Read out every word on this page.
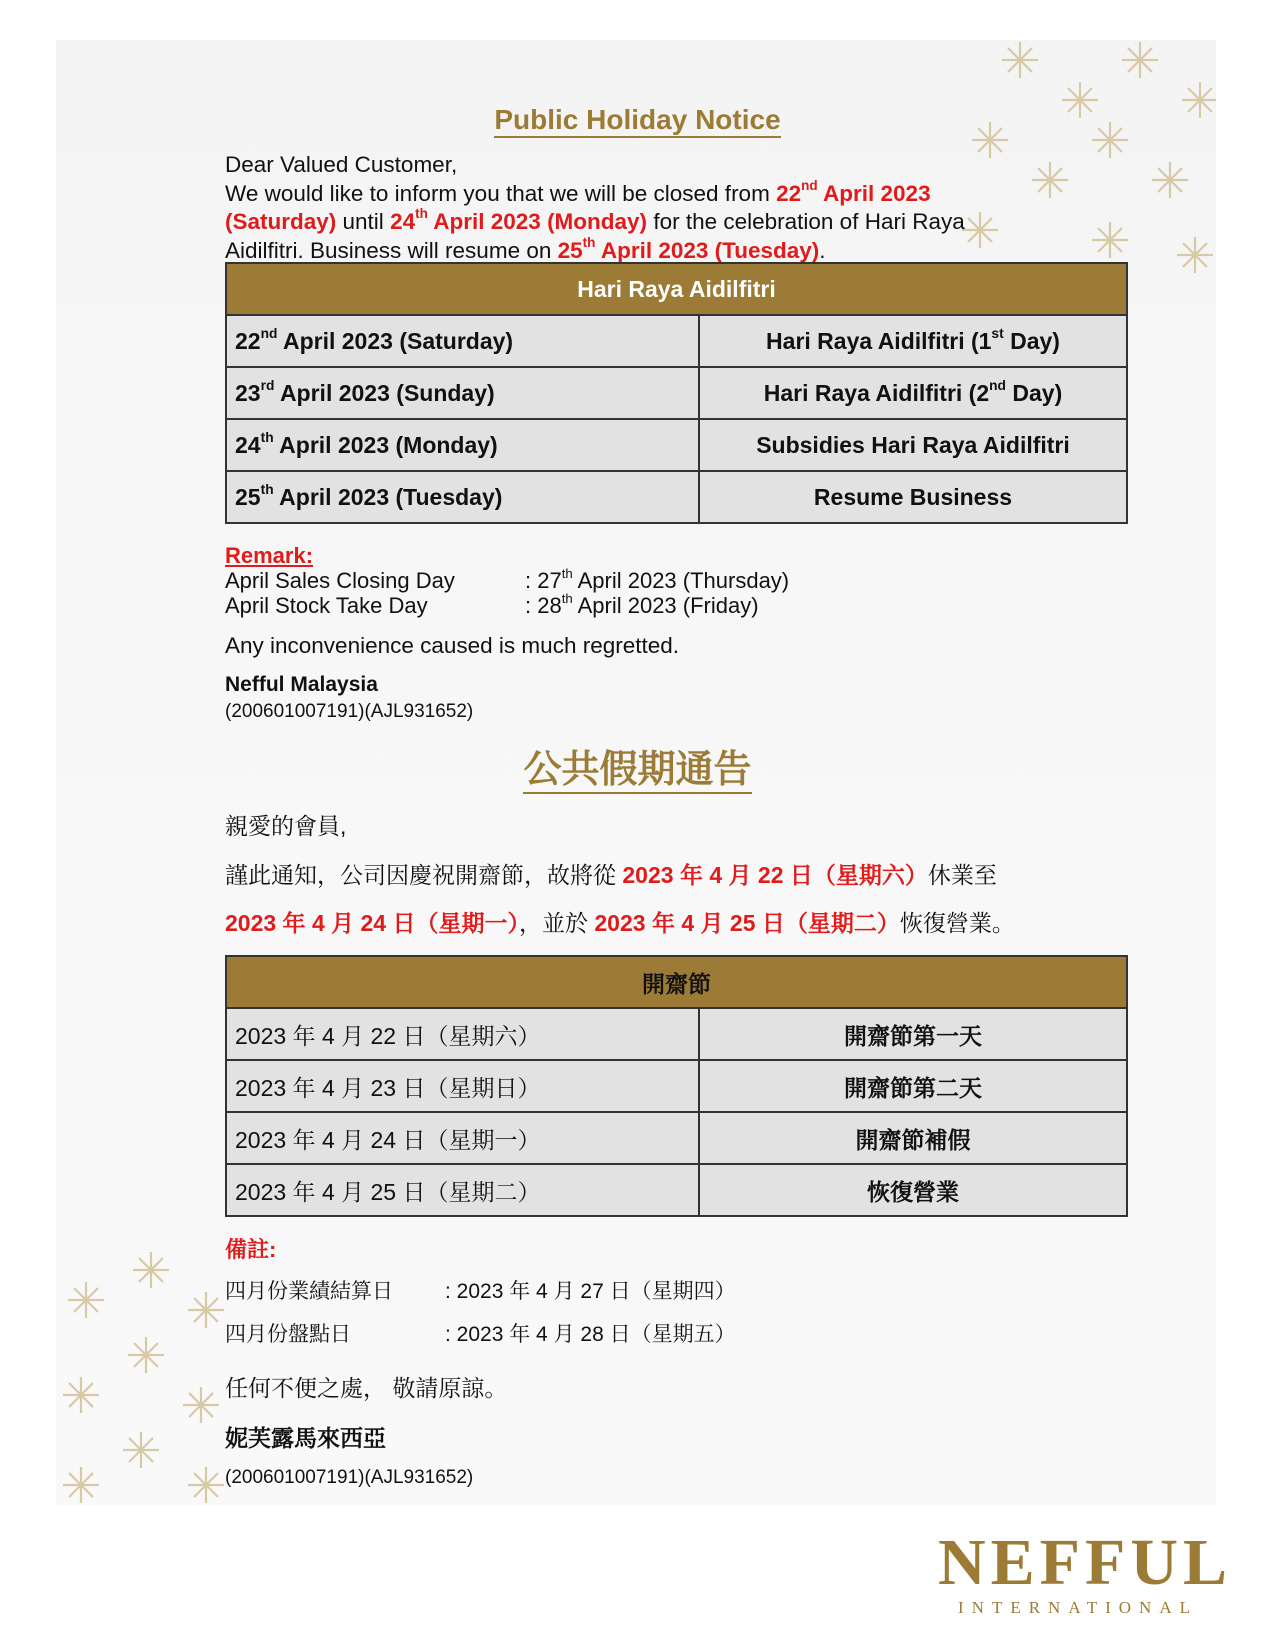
Public Holiday Notice
Dear Valued Customer,
We would like to inform you that we will be closed from 22nd April 2023
(Saturday) until 24th April 2023 (Monday) for the celebration of Hari Raya
Aidilfitri. Business will resume on 25th April 2023 (Tuesday).
Hari Raya Aidilfitri	
22nd April 2023 (Saturday)	Hari Raya Aidilfitri (1st Day)
23rd April 2023 (Sunday)	Hari Raya Aidilfitri (2nd Day)
24th April 2023 (Monday)	Subsidies Hari Raya Aidilfitri
25th April 2023 (Tuesday)	Resume Business
Remark:
April Sales Closing Day	: 27th April 2023 (Thursday)
April Stock Take Day	: 28th April 2023 (Friday)
Any inconvenience caused is much regretted.
Nefful Malaysia
(200601007191)(AJL931652)
公共假期通告
親愛的會員,
謹此通知，公司因慶祝開齋節，故將從 2023 年 4 月 22 日（星期六）休業至
2023 年 4 月 24 日（星期一），並於 2023 年 4 月 25 日（星期二）恢復營業。
開齋節	
2023 年 4 月 22 日（星期六）	開齋節第一天
2023 年 4 月 23 日（星期日）	開齋節第二天
2023 年 4 月 24 日（星期一）	開齋節補假
2023 年 4 月 25 日（星期二）	恢復營業
備註:
四月份業績結算日 : 2023 年 4 月 27 日（星期四）
四月份盤點日	: 2023 年 4 月 28 日（星期五）
任何不便之處， 敬請原諒。
妮芙露馬來西亞
(200601007191)(AJL931652)
NEFFUL
INTERNATIONAL
